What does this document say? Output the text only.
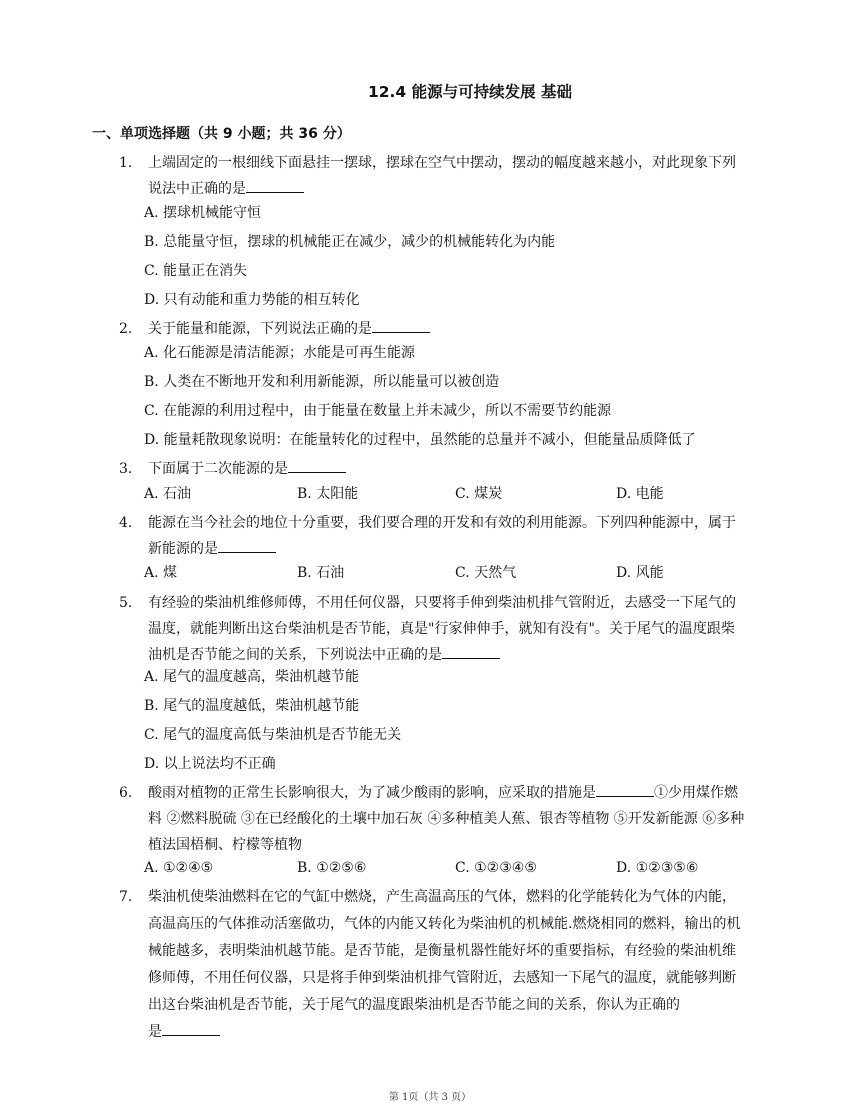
12.4 能源与可持续发展 基础
一、单项选择题（共 9 小题；共 36 分）
1. 上端固定的一根细线下面悬挂一摆球，摆球在空气中摆动，摆动的幅度越来越小，对此现象下列
说法中正确的是
A. 摆球机械能守恒
B. 总能量守恒，摆球的机械能正在减少，减少的机械能转化为内能
C. 能量正在消失
D. 只有动能和重力势能的相互转化
2. 关于能量和能源，下列说法正确的是
A. 化石能源是清洁能源；水能是可再生能源
B. 人类在不断地开发和利用新能源，所以能量可以被创造
C. 在能源的利用过程中，由于能量在数量上并未减少，所以不需要节约能源
D. 能量耗散现象说明：在能量转化的过程中，虽然能的总量并不减小，但能量品质降低了
3. 下面属于二次能源的是
A. 石油	B. 太阳能	C. 煤炭	D. 电能
4. 能源在当今社会的地位十分重要，我们要合理的开发和有效的利用能源。下列四种能源中，属于
新能源的是
A. 煤	B. 石油	C. 天然气	D. 风能
5. 有经验的柴油机维修师傅，不用任何仪器，只要将手伸到柴油机排气管附近，去感受一下尾气的
温度，就能判断出这台柴油机是否节能，真是"行家伸伸手，就知有没有"。关于尾气的温度跟柴
油机是否节能之间的关系，下列说法中正确的是
A. 尾气的温度越高，柴油机越节能
B. 尾气的温度越低，柴油机越节能
C. 尾气的温度高低与柴油机是否节能无关
D. 以上说法均不正确
6. 酸雨对植物的正常生长影响很大，为了减少酸雨的影响，应采取的措施是	①少用煤作燃
料 ②燃料脱硫 ③在已经酸化的土壤中加石灰 ④多种植美人蕉、银杏等植物 ⑤开发新能源 ⑥多种
植法国梧桐、柠檬等植物
A. ①②④⑤	B. ①②⑤⑥	C. ①②③④⑤	D. ①②③⑤⑥
7. 柴油机使柴油燃料在它的气缸中燃烧，产生高温高压的气体，燃料的化学能转化为气体的内能，
高温高压的气体推动活塞做功，气体的内能又转化为柴油机的机械能.燃烧相同的燃料，输出的机
械能越多，表明柴油机越节能。是否节能，是衡量机器性能好坏的重要指标，有经验的柴油机维
修师傅，不用任何仪器，只是将手伸到柴油机排气管附近，去感知一下尾气的温度，就能够判断
出这台柴油机是否节能，关于尾气的温度跟柴油机是否节能之间的关系，你认为正确的
是
第 1页（共 3 页）
